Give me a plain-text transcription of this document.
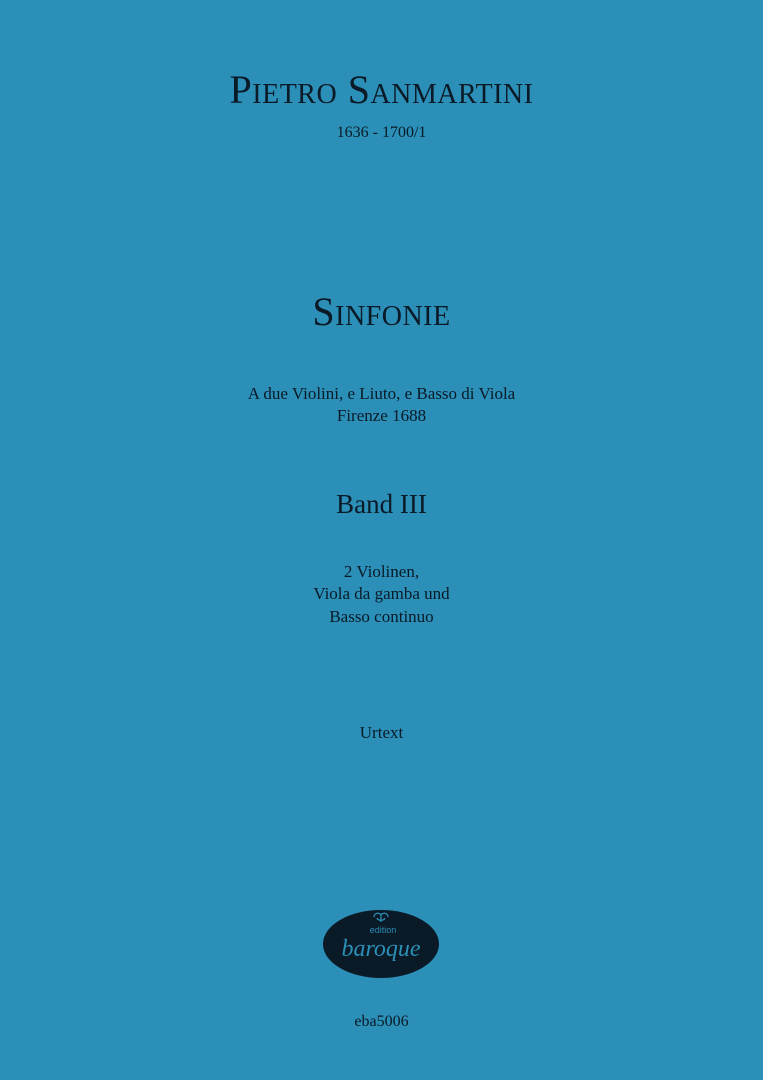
Pietro Sanmartini
1636 - 1700/1
Sinfonie
A due Violini, e Liuto, e Basso di Viola
Firenze 1688
Band III
2 Violinen,
Viola da gamba und
Basso continuo
Urtext
edition
baroque
eba5006
